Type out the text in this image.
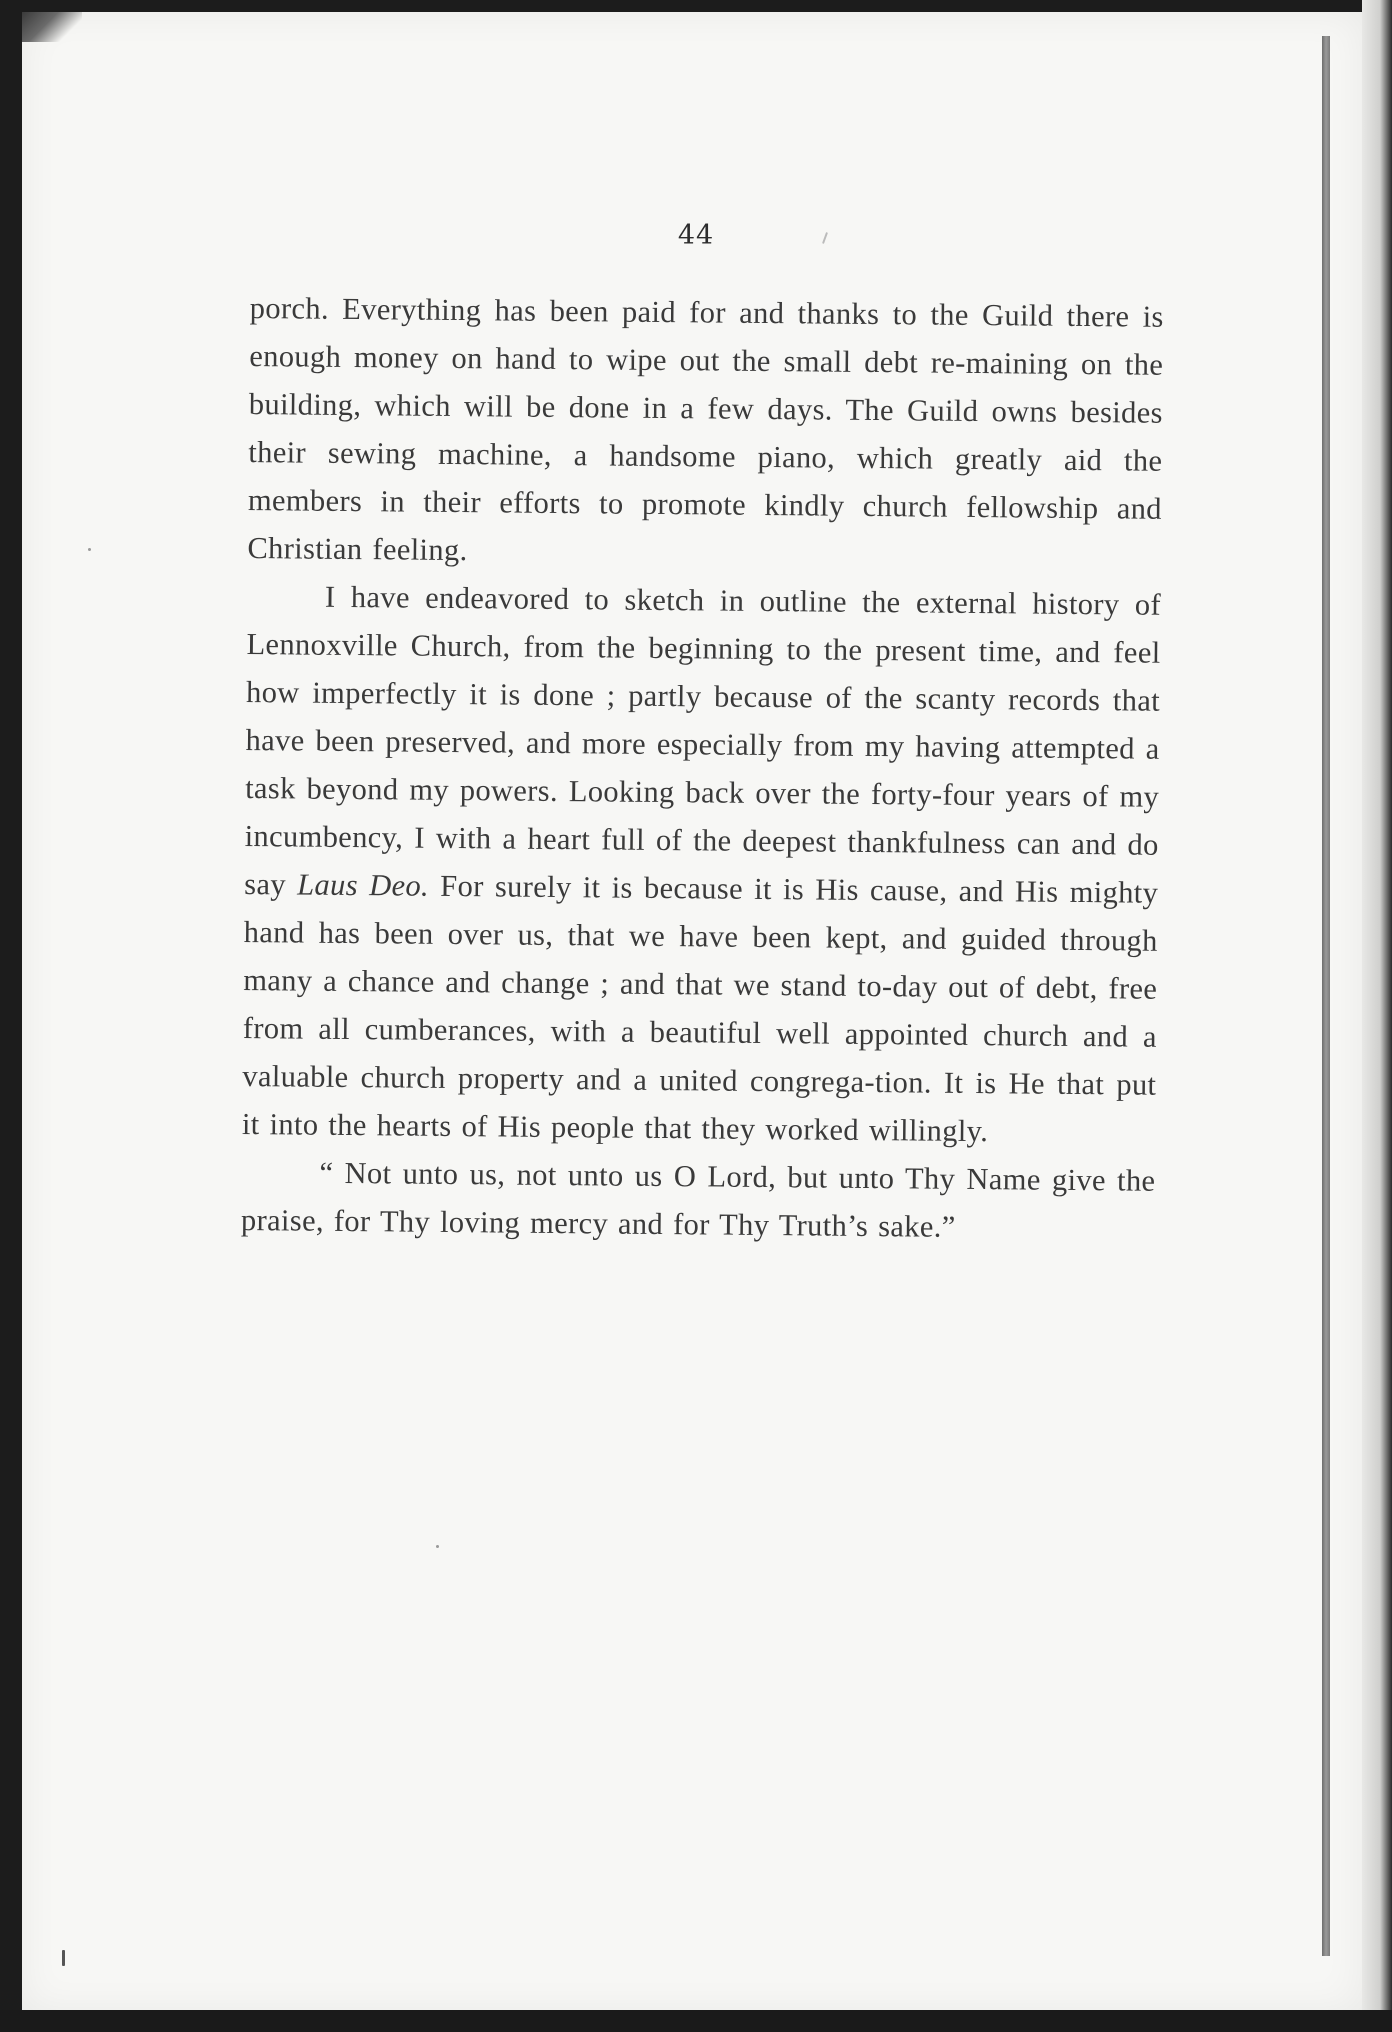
44

porch. Everything has been paid for and thanks to the Guild there is enough money on hand to wipe out the small debt re-maining on the building, which will be done in a few days. The Guild owns besides their sewing machine, a handsome piano, which greatly aid the members in their efforts to promote kindly church fellowship and Christian feeling.

I have endeavored to sketch in outline the external history of Lennoxville Church, from the beginning to the present time, and feel how imperfectly it is done ; partly because of the scanty records that have been preserved, and more especially from my having attempted a task beyond my powers. Looking back over the forty-four years of my incumbency, I with a heart full of the deepest thankfulness can and do say Laus Deo. For surely it is because it is His cause, and His mighty hand has been over us, that we have been kept, and guided through many a chance and change ; and that we stand to-day out of debt, free from all cumberances, with a beautiful well appointed church and a valuable church property and a united congrega-tion. It is He that put it into the hearts of His people that they worked willingly.

“ Not unto us, not unto us O Lord, but unto Thy Name give the praise, for Thy loving mercy and for Thy Truth’s sake.”
